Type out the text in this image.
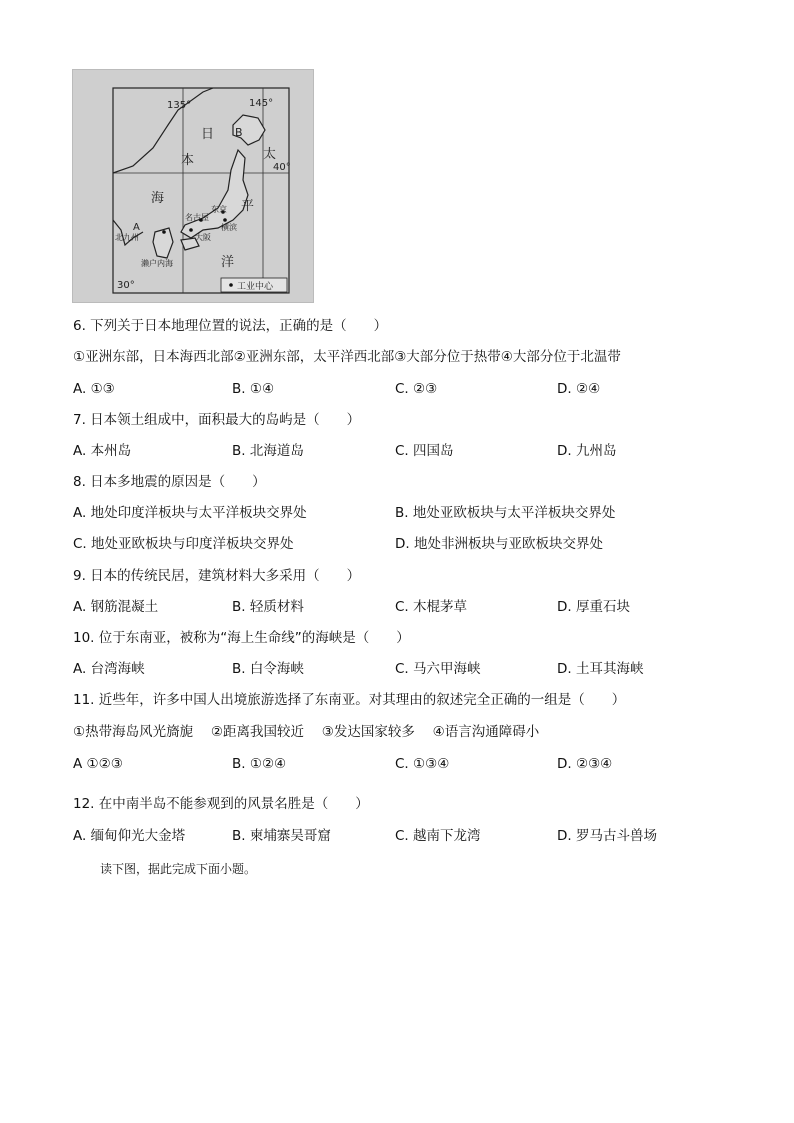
135°	145°
40°
30°
日
本
海
太
平
洋
B
A
北九州
名古屋
东京
大阪
横滨
濑户内海
工业中心
6. 下列关于日本地理位置的说法，正确的是（　　）
①亚洲东部，日本海西北部②亚洲东部，太平洋西北部③大部分位于热带④大部分位于北温带
A. ①③	B. ①④	C. ②③	D. ②④
7. 日本领土组成中，面积最大的岛屿是（　　）
A. 本州岛	B. 北海道岛	C. 四国岛	D. 九州岛
8. 日本多地震的原因是（　　）
A. 地处印度洋板块与太平洋板块交界处	B. 地处亚欧板块与太平洋板块交界处
C. 地处亚欧板块与印度洋板块交界处	D. 地处非洲板块与亚欧板块交界处
9. 日本的传统民居，建筑材料大多采用（　　）
A. 钢筋混凝土	B. 轻质材料	C. 木棍茅草	D. 厚重石块
10. 位于东南亚，被称为“海上生命线”的海峡是（　　）
A. 台湾海峡	B. 白令海峡	C. 马六甲海峡	D. 土耳其海峡
11. 近些年，许多中国人出境旅游选择了东南亚。对其理由的叙述完全正确的一组是（　　）
①热带海岛风光旖旎　 ②距离我国较近　 ③发达国家较多　 ④语言沟通障碍小
A ①②③	B. ①②④	C. ①③④	D. ②③④
12. 在中南半岛不能参观到的风景名胜是（　　）
A. 缅甸仰光大金塔	B. 柬埔寨吴哥窟	C. 越南下龙湾	D. 罗马古斗兽场
读下图，据此完成下面小题。
